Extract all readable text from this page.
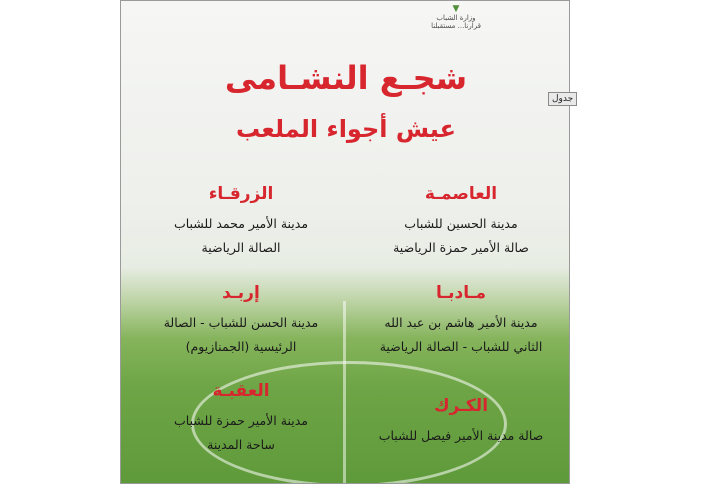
▼
وزارة الشباب
قرارنا... مستقبلنا
شجـع النشـامى
عيش أجواء الملعب
العاصمـة
مدينة الحسين للشباب
صالة الأمير حمزة الرياضية
مـادبـا
مدينة الأمير هاشم بن عبد الله
الثاني للشباب - الصالة الرياضية
الكـرك
صالة مدينة الأمير فيصل للشباب
الزرقـاء
مدينة الأمير محمد للشباب
الصالة الرياضية
إربـد
مدينة الحسن للشباب - الصالة
الرئيسية (الجمنازيوم)
العقبـة
مدينة الأمير حمزة للشباب
ساحة المدينة
جدول
